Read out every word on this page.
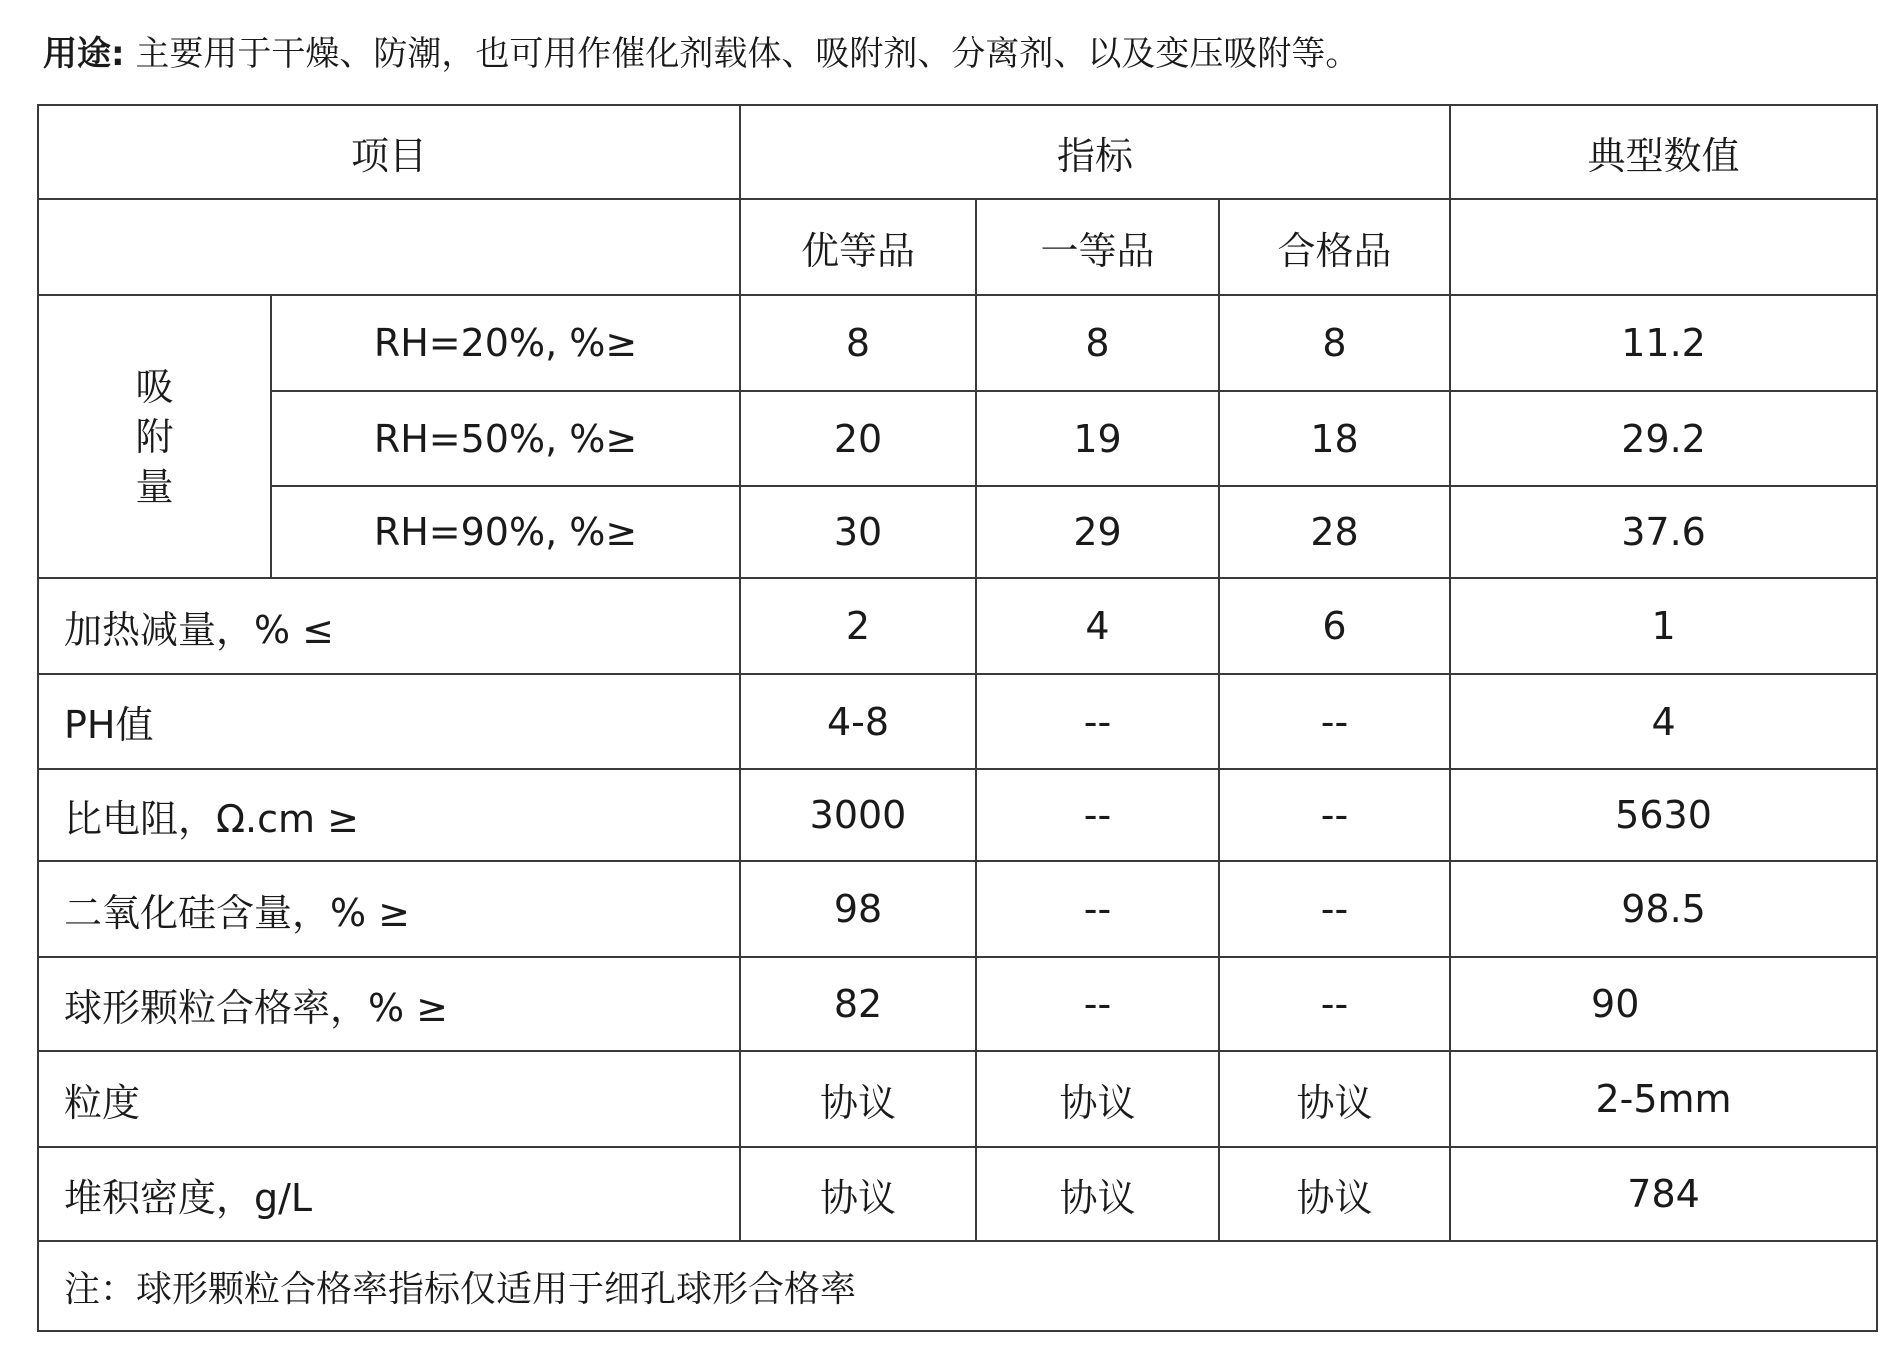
用途: 主要用于干燥、防潮，也可用作催化剂载体、吸附剂、分离剂、以及变压吸附等。
项目		指标			典型数值
		优等品	一等品	合格品	

吸
附
量	RH=20%, %≥	8	8	8	11.2
	RH=50%, %≥	20	19	18	29.2
	RH=90%, %≥	30	29	28	37.6
加热减量，% ≤		2	4	6	1
PH值		4-8	--	--	4
比电阻，Ω.cm ≥		3000	--	--	5630
二氧化硅含量，% ≥		98	--	--	98.5
球形颗粒合格率，% ≥		82	--	--	90
粒度		协议	协议	协议	2-5mm
堆积密度，g/L		协议	协议	协议	784
注：球形颗粒合格率指标仅适用于细孔球形合格率					
